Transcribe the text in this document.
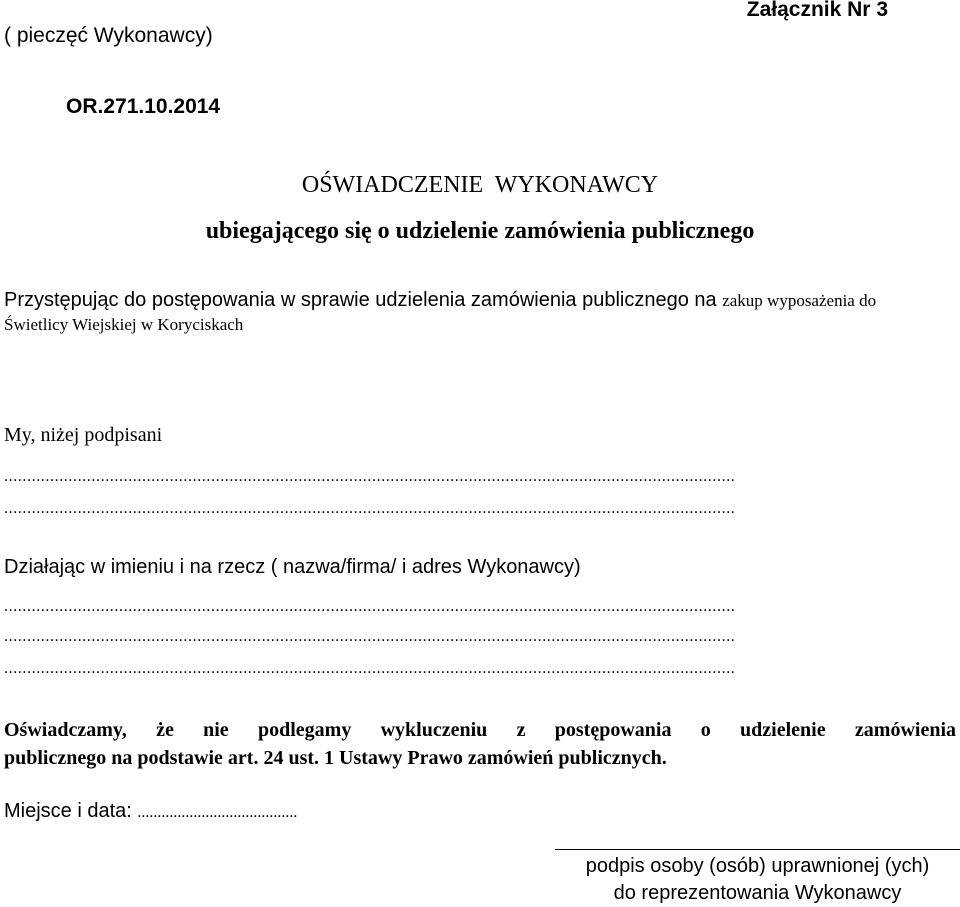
( pieczęć Wykonawcy)
Załącznik Nr 3
OR.271.10.2014
OŚWIADCZENIE  WYKONAWCY
ubiegającego się o udzielenie zamówienia publicznego
Przystępując do postępowania w sprawie udzielenia zamówienia publicznego na zakup wyposażenia do
Świetlicy Wiejskiej w Koryciskach
My, niżej podpisani
...............................................................................................................................................................
...............................................................................................................................................................
Działając w imieniu i na rzecz ( nazwa/firma/ i adres Wykonawcy)
...............................................................................................................................................................
...............................................................................................................................................................
...............................................................................................................................................................
Oświadczamy, że nie podlegamy wykluczeniu z postępowania o udzielenie zamówienia
publicznego na podstawie art. 24 ust. 1 Ustawy Prawo zamówień publicznych.
Miejsce i data: ........................................
podpis osoby (osób) uprawnionej (ych)
do reprezentowania Wykonawcy
